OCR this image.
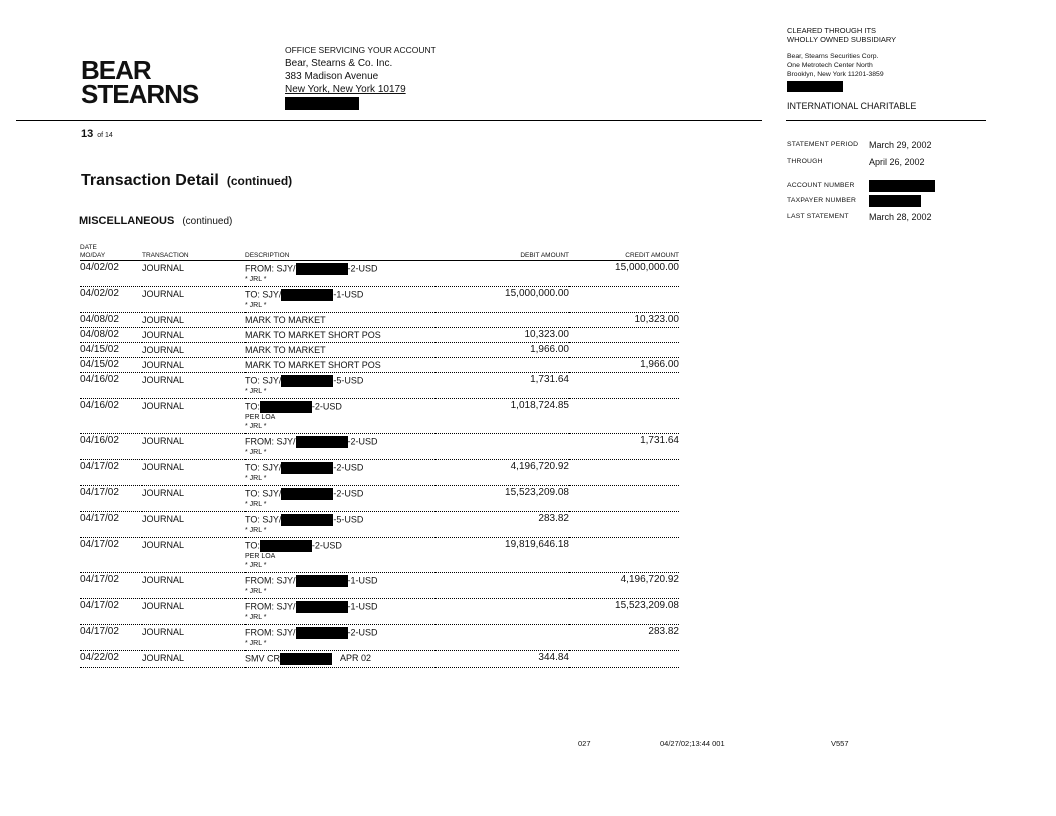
BEAR
STEARNS
OFFICE SERVICING YOUR ACCOUNT
Bear, Stearns & Co. Inc.
383 Madison Avenue
New York, New York 10179
CLEARED THROUGH ITS
WHOLLY OWNED SUBSIDIARY
Bear, Stearns Securities Corp.
One Metrotech Center North
Brooklyn, New York 11201-3859
INTERNATIONAL CHARITABLE
13 of 14
Transaction Detail (continued)
MISCELLANEOUS (continued)
STATEMENT PERIOD	March 29, 2002
THROUGH	April 26, 2002
ACCOUNT NUMBER
TAXPAYER NUMBER
LAST STATEMENT	March 28, 2002
DATE
MO/DAY	TRANSACTION	DESCRIPTION	DEBIT AMOUNT	CREDIT AMOUNT
04/02/02	JOURNAL	FROM: SJY/ -2-USD
* JRL *		15,000,000.00
04/02/02	JOURNAL	TO: SJY/ -1-USD
* JRL *	15,000,000.00	
04/08/02	JOURNAL	MARK TO MARKET		10,323.00
04/08/02	JOURNAL	MARK TO MARKET SHORT POS	10,323.00	
04/15/02	JOURNAL	MARK TO MARKET	1,966.00	
04/15/02	JOURNAL	MARK TO MARKET SHORT POS		1,966.00
04/16/02	JOURNAL	TO: SJY/ -5-USD
* JRL *	1,731.64	
04/16/02	JOURNAL	TO: -2-USD
PER LOA
* JRL *	1,018,724.85	
04/16/02	JOURNAL	FROM: SJY/ -2-USD
* JRL *		1,731.64
04/17/02	JOURNAL	TO: SJY/ -2-USD
* JRL *	4,196,720.92	
04/17/02	JOURNAL	TO: SJY/ -2-USD
* JRL *	15,523,209.08	
04/17/02	JOURNAL	TO: SJY/ -5-USD
* JRL *	283.82	
04/17/02	JOURNAL	TO: -2-USD
PER LOA
* JRL *	19,819,646.18	
04/17/02	JOURNAL	FROM: SJY/ -1-USD
* JRL *		4,196,720.92
04/17/02	JOURNAL	FROM: SJY/ -1-USD
* JRL *		15,523,209.08
04/17/02	JOURNAL	FROM: SJY/ -2-USD
* JRL *		283.82
04/22/02	JOURNAL	SMV CR APR 02	344.84	
027	04/27/02;13:44 001	V557
